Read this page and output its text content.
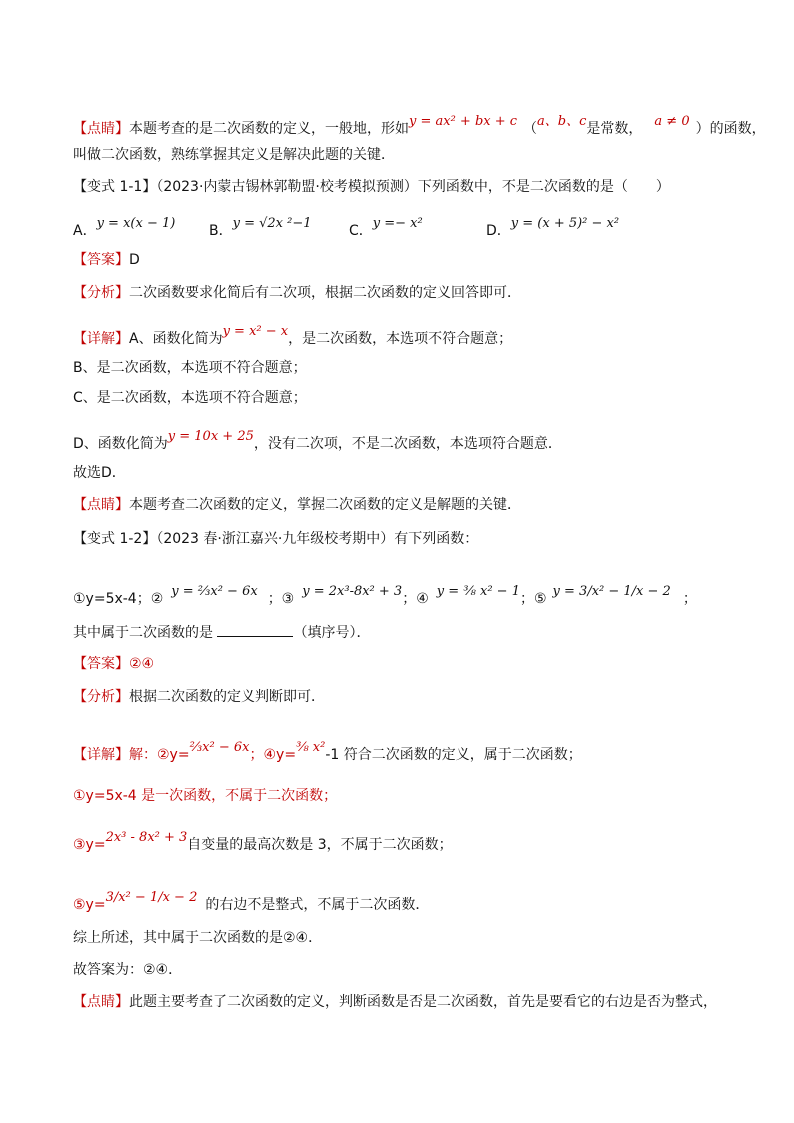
【点睛】本题考查的是二次函数的定义，一般地，形如y = ax² + bx + c （a、b、c是常数， a ≠ 0 ）的函数，
叫做二次函数，熟练掌握其定义是解决此题的关键．
【变式 1-1】（2023·内蒙古锡林郭勒盟·校考模拟预测）下列函数中，不是二次函数的是（　　）
A．y = x(x − 1) B．y = √2x ²−1	C．y =− x²	D．y = (x + 5)² − x²
【答案】D
【分析】二次函数要求化简后有二次项，根据二次函数的定义回答即可．
【详解】A、函数化简为y = x² − x，是二次函数，本选项不符合题意；
B、是二次函数，本选项不符合题意；
C、是二次函数，本选项不符合题意；
D、函数化简为y = 10x + 25，没有二次项，不是二次函数，本选项符合题意．
故选D．
【点睛】本题考查二次函数的定义，掌握二次函数的定义是解题的关键．
【变式 1-2】（2023 春·浙江嘉兴·九年级校考期中）有下列函数：
①y=5x-4；② y = ⅔x² − 6x ；③ y = 2x³-8x² + 3；④ y = ⅜ x² − 1；⑤ y = 3/x² − 1/x − 2 ；
其中属于二次函数的是	（填序号）．
【答案】②④
【分析】根据二次函数的定义判断即可．
【详解】解：②y=⅔x² − 6x；④y=⅜ x²-1 符合二次函数的定义，属于二次函数；
①y=5x-4 是一次函数，不属于二次函数；
③y=2x³ - 8x² + 3自变量的最高次数是 3，不属于二次函数；
⑤y=3/x² − 1/x − 2 的右边不是整式，不属于二次函数．
综上所述，其中属于二次函数的是②④．
故答案为：②④．
【点睛】此题主要考查了二次函数的定义，判断函数是否是二次函数，首先是要看它的右边是否为整式，
